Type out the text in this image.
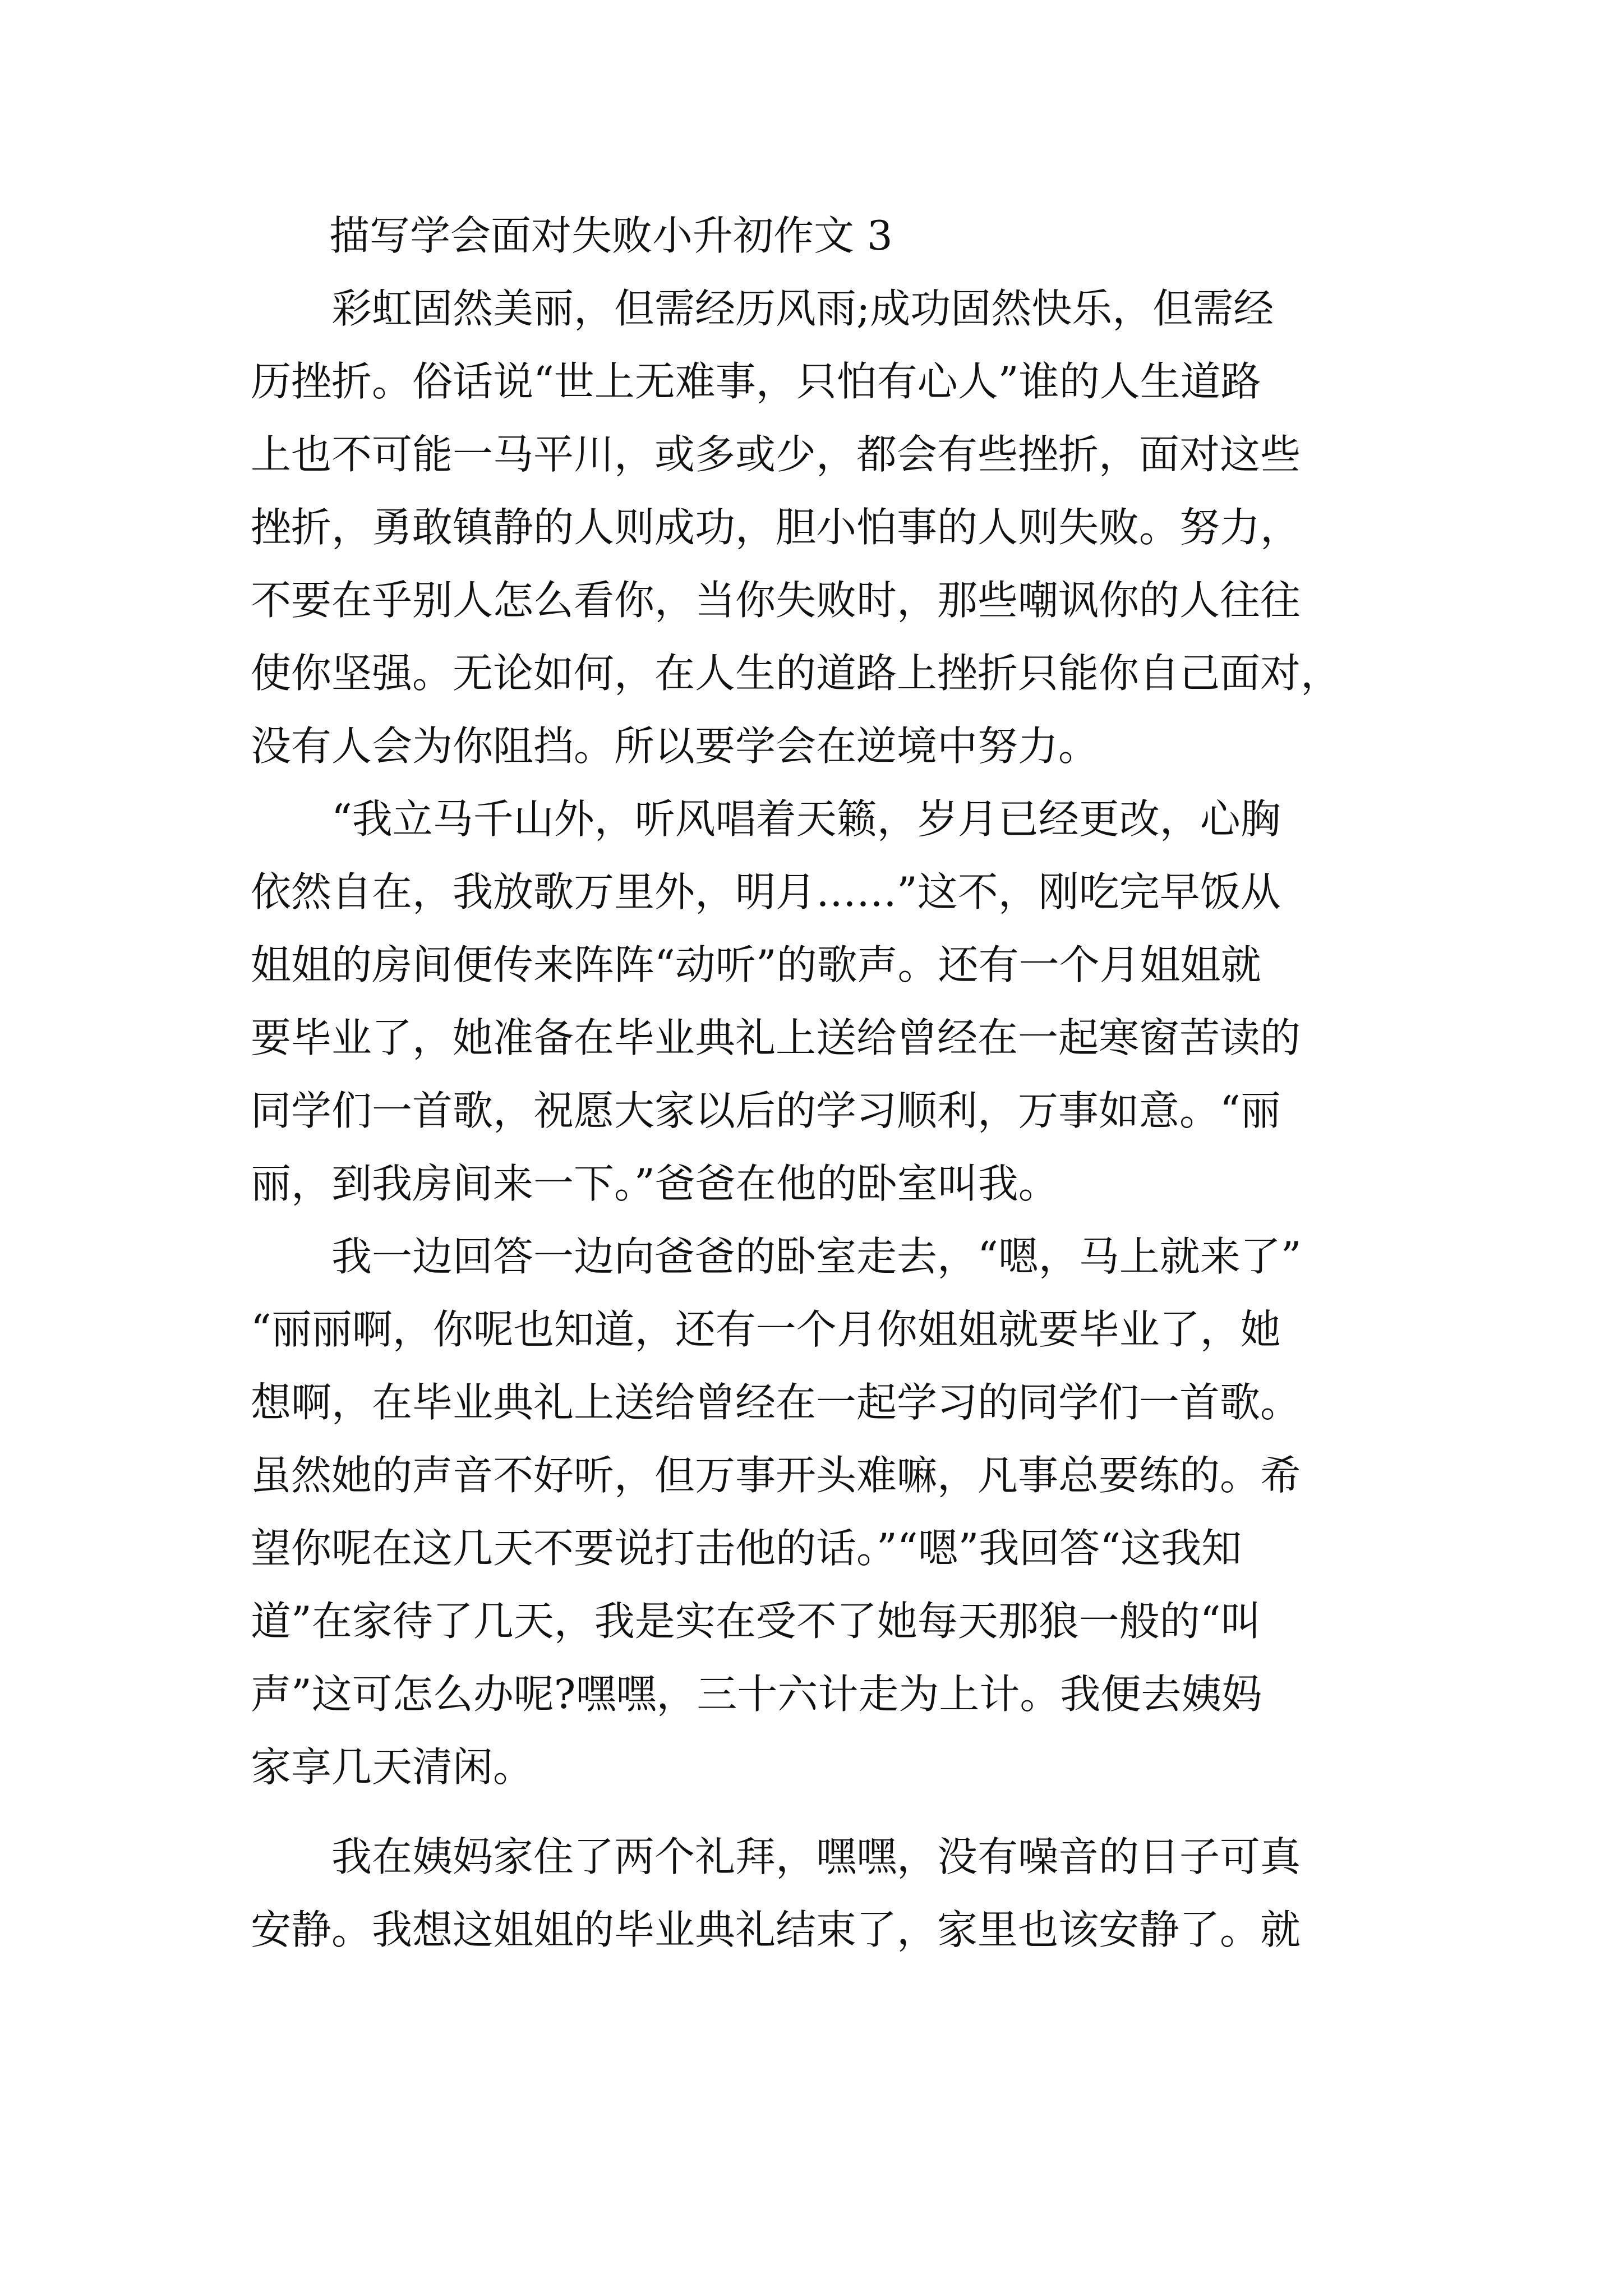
描写学会面对失败小升初作文 3
彩虹固然美丽，但需经历风雨;成功固然快乐，但需经
历挫折。俗话说“世上无难事，只怕有心人”谁的人生道路
上也不可能一马平川，或多或少，都会有些挫折，面对这些
挫折，勇敢镇静的人则成功，胆小怕事的人则失败。努力，
不要在乎别人怎么看你，当你失败时，那些嘲讽你的人往往
使你坚强。无论如何，在人生的道路上挫折只能你自己面对，
没有人会为你阻挡。所以要学会在逆境中努力。
“我立马千山外，听风唱着天籁，岁月已经更改，心胸
依然自在，我放歌万里外，明月……”这不，刚吃完早饭从
姐姐的房间便传来阵阵“动听”的歌声。还有一个月姐姐就
要毕业了，她准备在毕业典礼上送给曾经在一起寒窗苦读的
同学们一首歌，祝愿大家以后的学习顺利，万事如意。“丽
丽，到我房间来一下。”爸爸在他的卧室叫我。
我一边回答一边向爸爸的卧室走去，“嗯，马上就来了”
“丽丽啊，你呢也知道，还有一个月你姐姐就要毕业了，她
想啊，在毕业典礼上送给曾经在一起学习的同学们一首歌。
虽然她的声音不好听，但万事开头难嘛，凡事总要练的。希
望你呢在这几天不要说打击他的话。”“嗯”我回答“这我知
道”在家待了几天，我是实在受不了她每天那狼一般的“叫
声”这可怎么办呢?嘿嘿，三十六计走为上计。我便去姨妈
家享几天清闲。
我在姨妈家住了两个礼拜，嘿嘿，没有噪音的日子可真
安静。我想这姐姐的毕业典礼结束了，家里也该安静了。就
